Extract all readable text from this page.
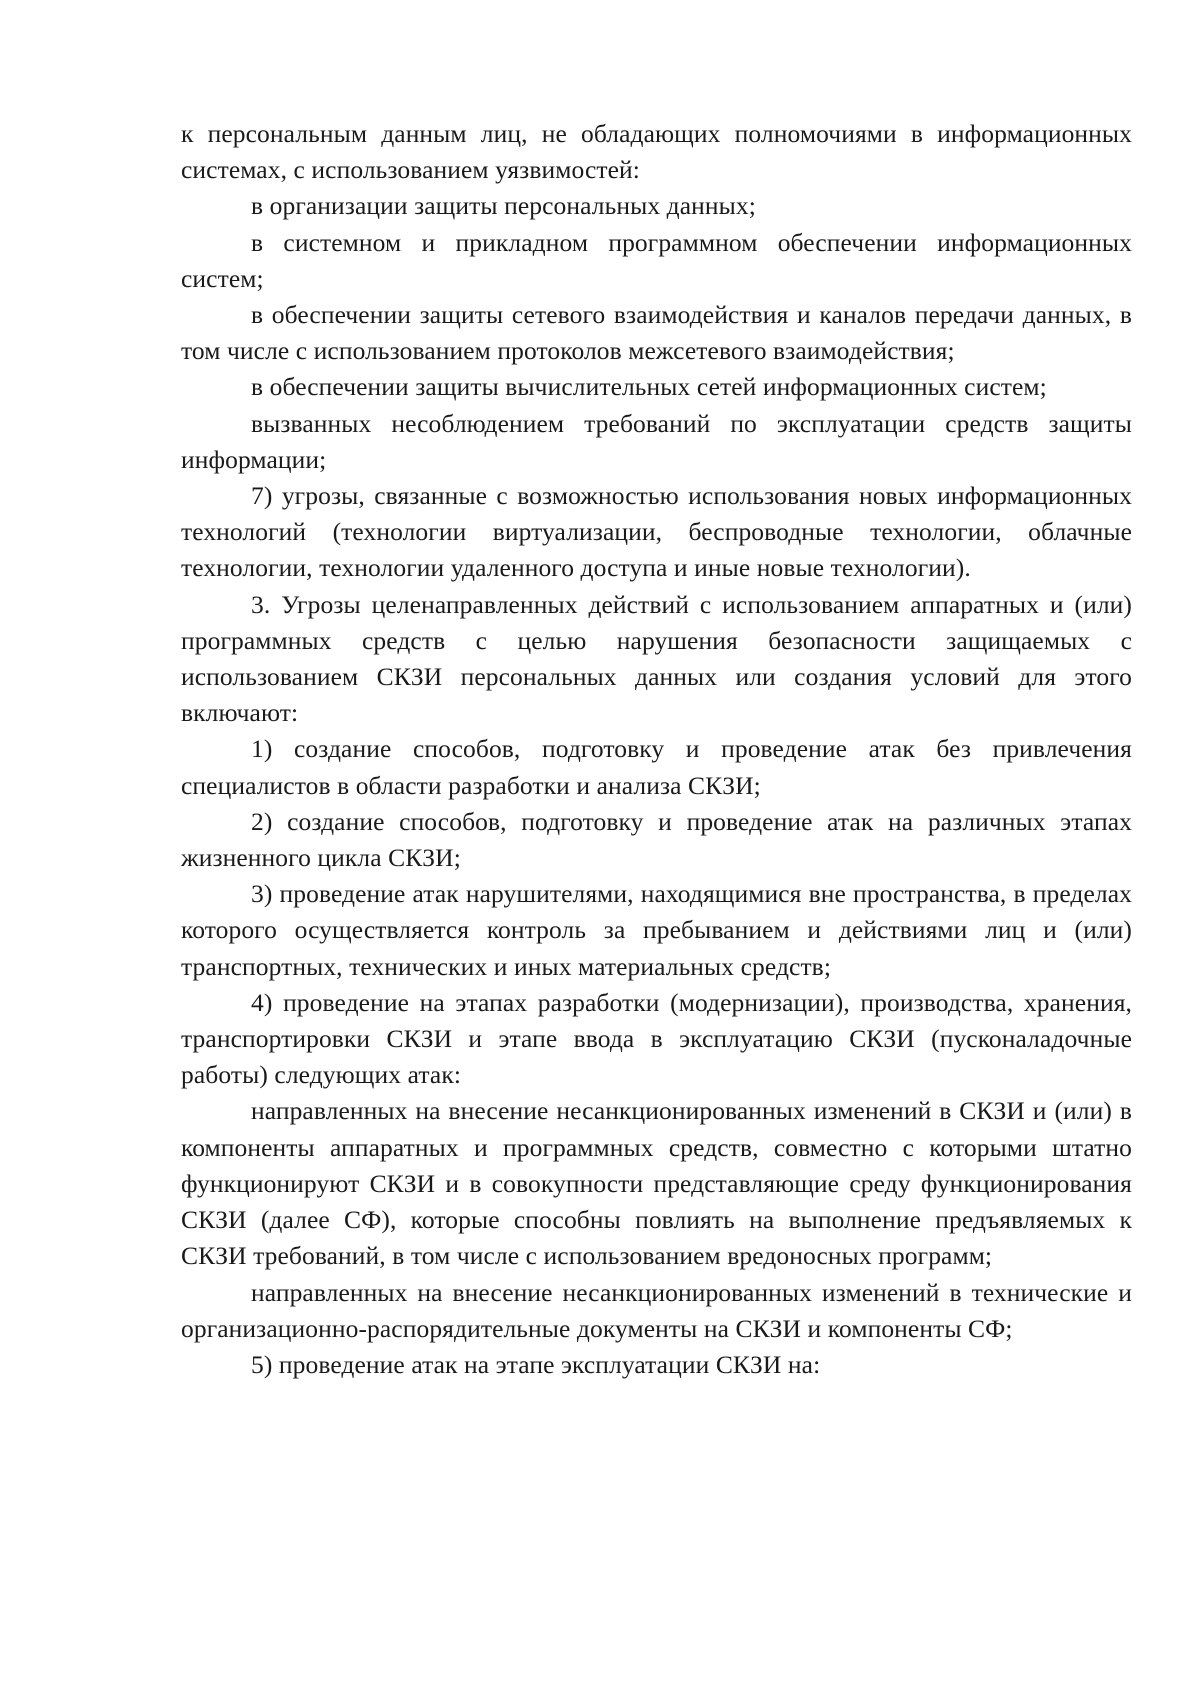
к персональным данным лиц, не обладающих полномочиями в информационных системах, с использованием уязвимостей:

в организации защиты персональных данных;

в системном и прикладном программном обеспечении информационных систем;

в обеспечении защиты сетевого взаимодействия и каналов передачи данных, в том числе с использованием протоколов межсетевого взаимодействия;

в обеспечении защиты вычислительных сетей информационных систем;

вызванных несоблюдением требований по эксплуатации средств защиты информации;

7) угрозы, связанные с возможностью использования новых информационных технологий (технологии виртуализации, беспроводные технологии, облачные технологии, технологии удаленного доступа и иные новые технологии).

3. Угрозы целенаправленных действий с использованием аппаратных и (или) программных средств с целью нарушения безопасности защищаемых с использованием СКЗИ персональных данных или создания условий для этого включают:

1) создание способов, подготовку и проведение атак без привлечения специалистов в области разработки и анализа СКЗИ;

2) создание способов, подготовку и проведение атак на различных этапах жизненного цикла СКЗИ;

3) проведение атак нарушителями, находящимися вне пространства, в пределах которого осуществляется контроль за пребыванием и действиями лиц и (или) транспортных, технических и иных материальных средств;

4) проведение на этапах разработки (модернизации), производства, хранения, транспортировки СКЗИ и этапе ввода в эксплуатацию СКЗИ (пусконаладочные работы) следующих атак:

направленных на внесение несанкционированных изменений в СКЗИ и (или) в компоненты аппаратных и программных средств, совместно с которыми штатно функционируют СКЗИ и в совокупности представляющие среду функционирования СКЗИ (далее СФ), которые способны повлиять на выполнение предъявляемых к СКЗИ требований, в том числе с использованием вредоносных программ;

направленных на внесение несанкционированных изменений в технические и организационно-распорядительные документы на СКЗИ и компоненты СФ;

5) проведение атак на этапе эксплуатации СКЗИ на:
